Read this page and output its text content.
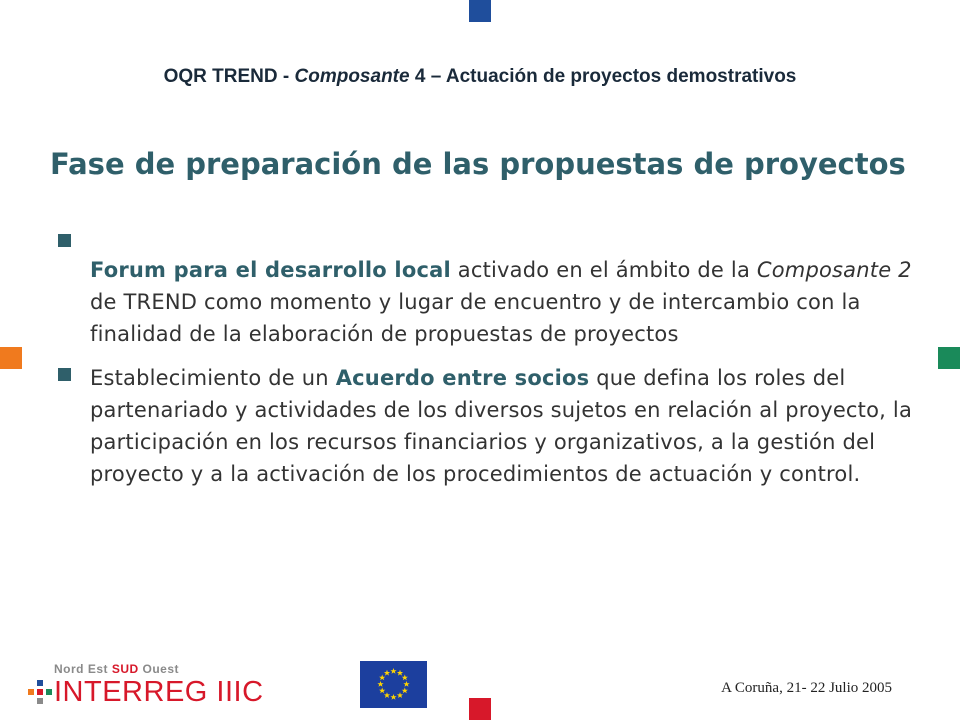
OQR TREND - Composante 4 – Actuación de proyectos demostrativos
Fase de preparación de las propuestas de proyectos
Forum para el desarrollo local activado en el ámbito de la Composante 2 de TREND como momento y lugar de encuentro y de intercambio con la finalidad de la elaboración de propuestas de proyectos
Establecimiento de un Acuerdo entre socios que defina los roles del partenariado y actividades de los diversos sujetos en relación al proyecto, la participación en los recursos financiarios y organizativos, a la gestión del proyecto y a la activación de los procedimientos de actuación y control.
Nord Est SUD Ouest
INTERREG IIIC	A Coruña, 21- 22 Julio 2005
